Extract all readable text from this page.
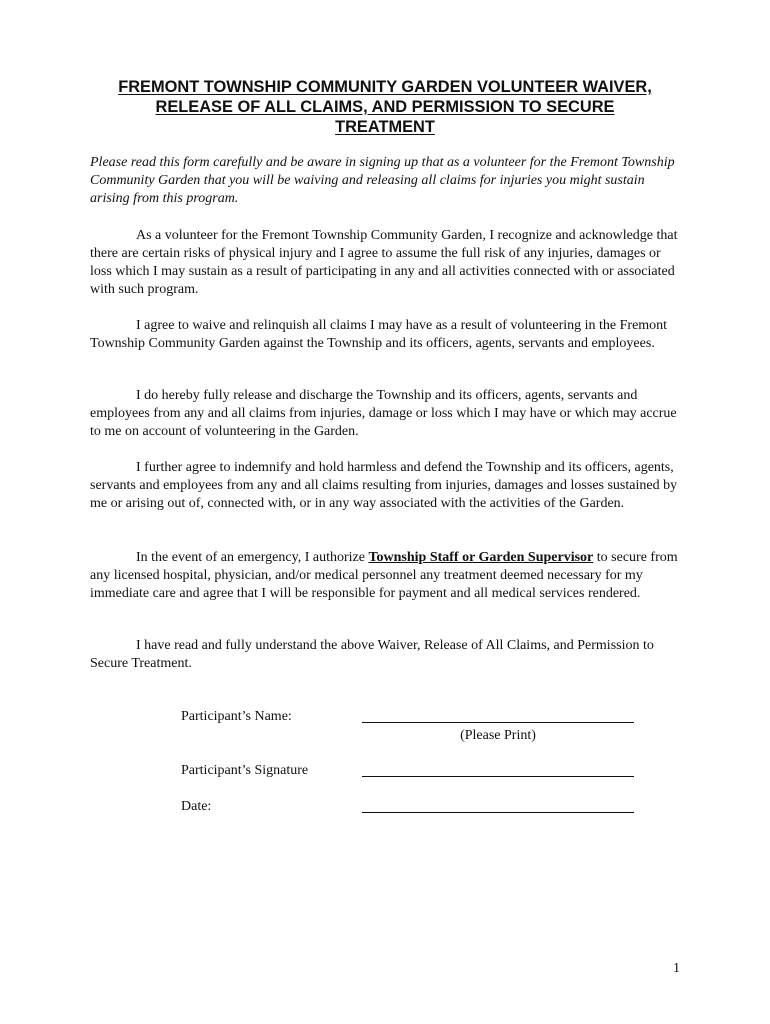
FREMONT TOWNSHIP COMMUNITY GARDEN VOLUNTEER WAIVER,
RELEASE OF ALL CLAIMS, AND PERMISSION TO SECURE
TREATMENT

Please read this form carefully and be aware in signing up that as a volunteer for the Fremont Township Community Garden that you will be waiving and releasing all claims for injuries you might sustain arising from this program.

As a volunteer for the Fremont Township Community Garden, I recognize and acknowledge that there are certain risks of physical injury and I agree to assume the full risk of any injuries, damages or loss which I may sustain as a result of participating in any and all activities connected with or associated with such program.

I agree to waive and relinquish all claims I may have as a result of volunteering in the Fremont Township Community Garden against the Township and its officers, agents, servants and employees.

I do hereby fully release and discharge the Township and its officers, agents, servants and employees from any and all claims from injuries, damage or loss which I may have or which may accrue to me on account of volunteering in the Garden.

I further agree to indemnify and hold harmless and defend the Township and its officers, agents, servants and employees from any and all claims resulting from injuries, damages and losses sustained by me or arising out of, connected with, or in any way associated with the activities of the Garden.

In the event of an emergency, I authorize Township Staff or Garden Supervisor to secure from any licensed hospital, physician, and/or medical personnel any treatment deemed necessary for my immediate care and agree that I will be responsible for payment and all medical services rendered.

I have read and fully understand the above Waiver, Release of All Claims, and Permission to Secure Treatment.

Participant’s Name:
(Please Print)
Participant’s Signature
Date:
1
